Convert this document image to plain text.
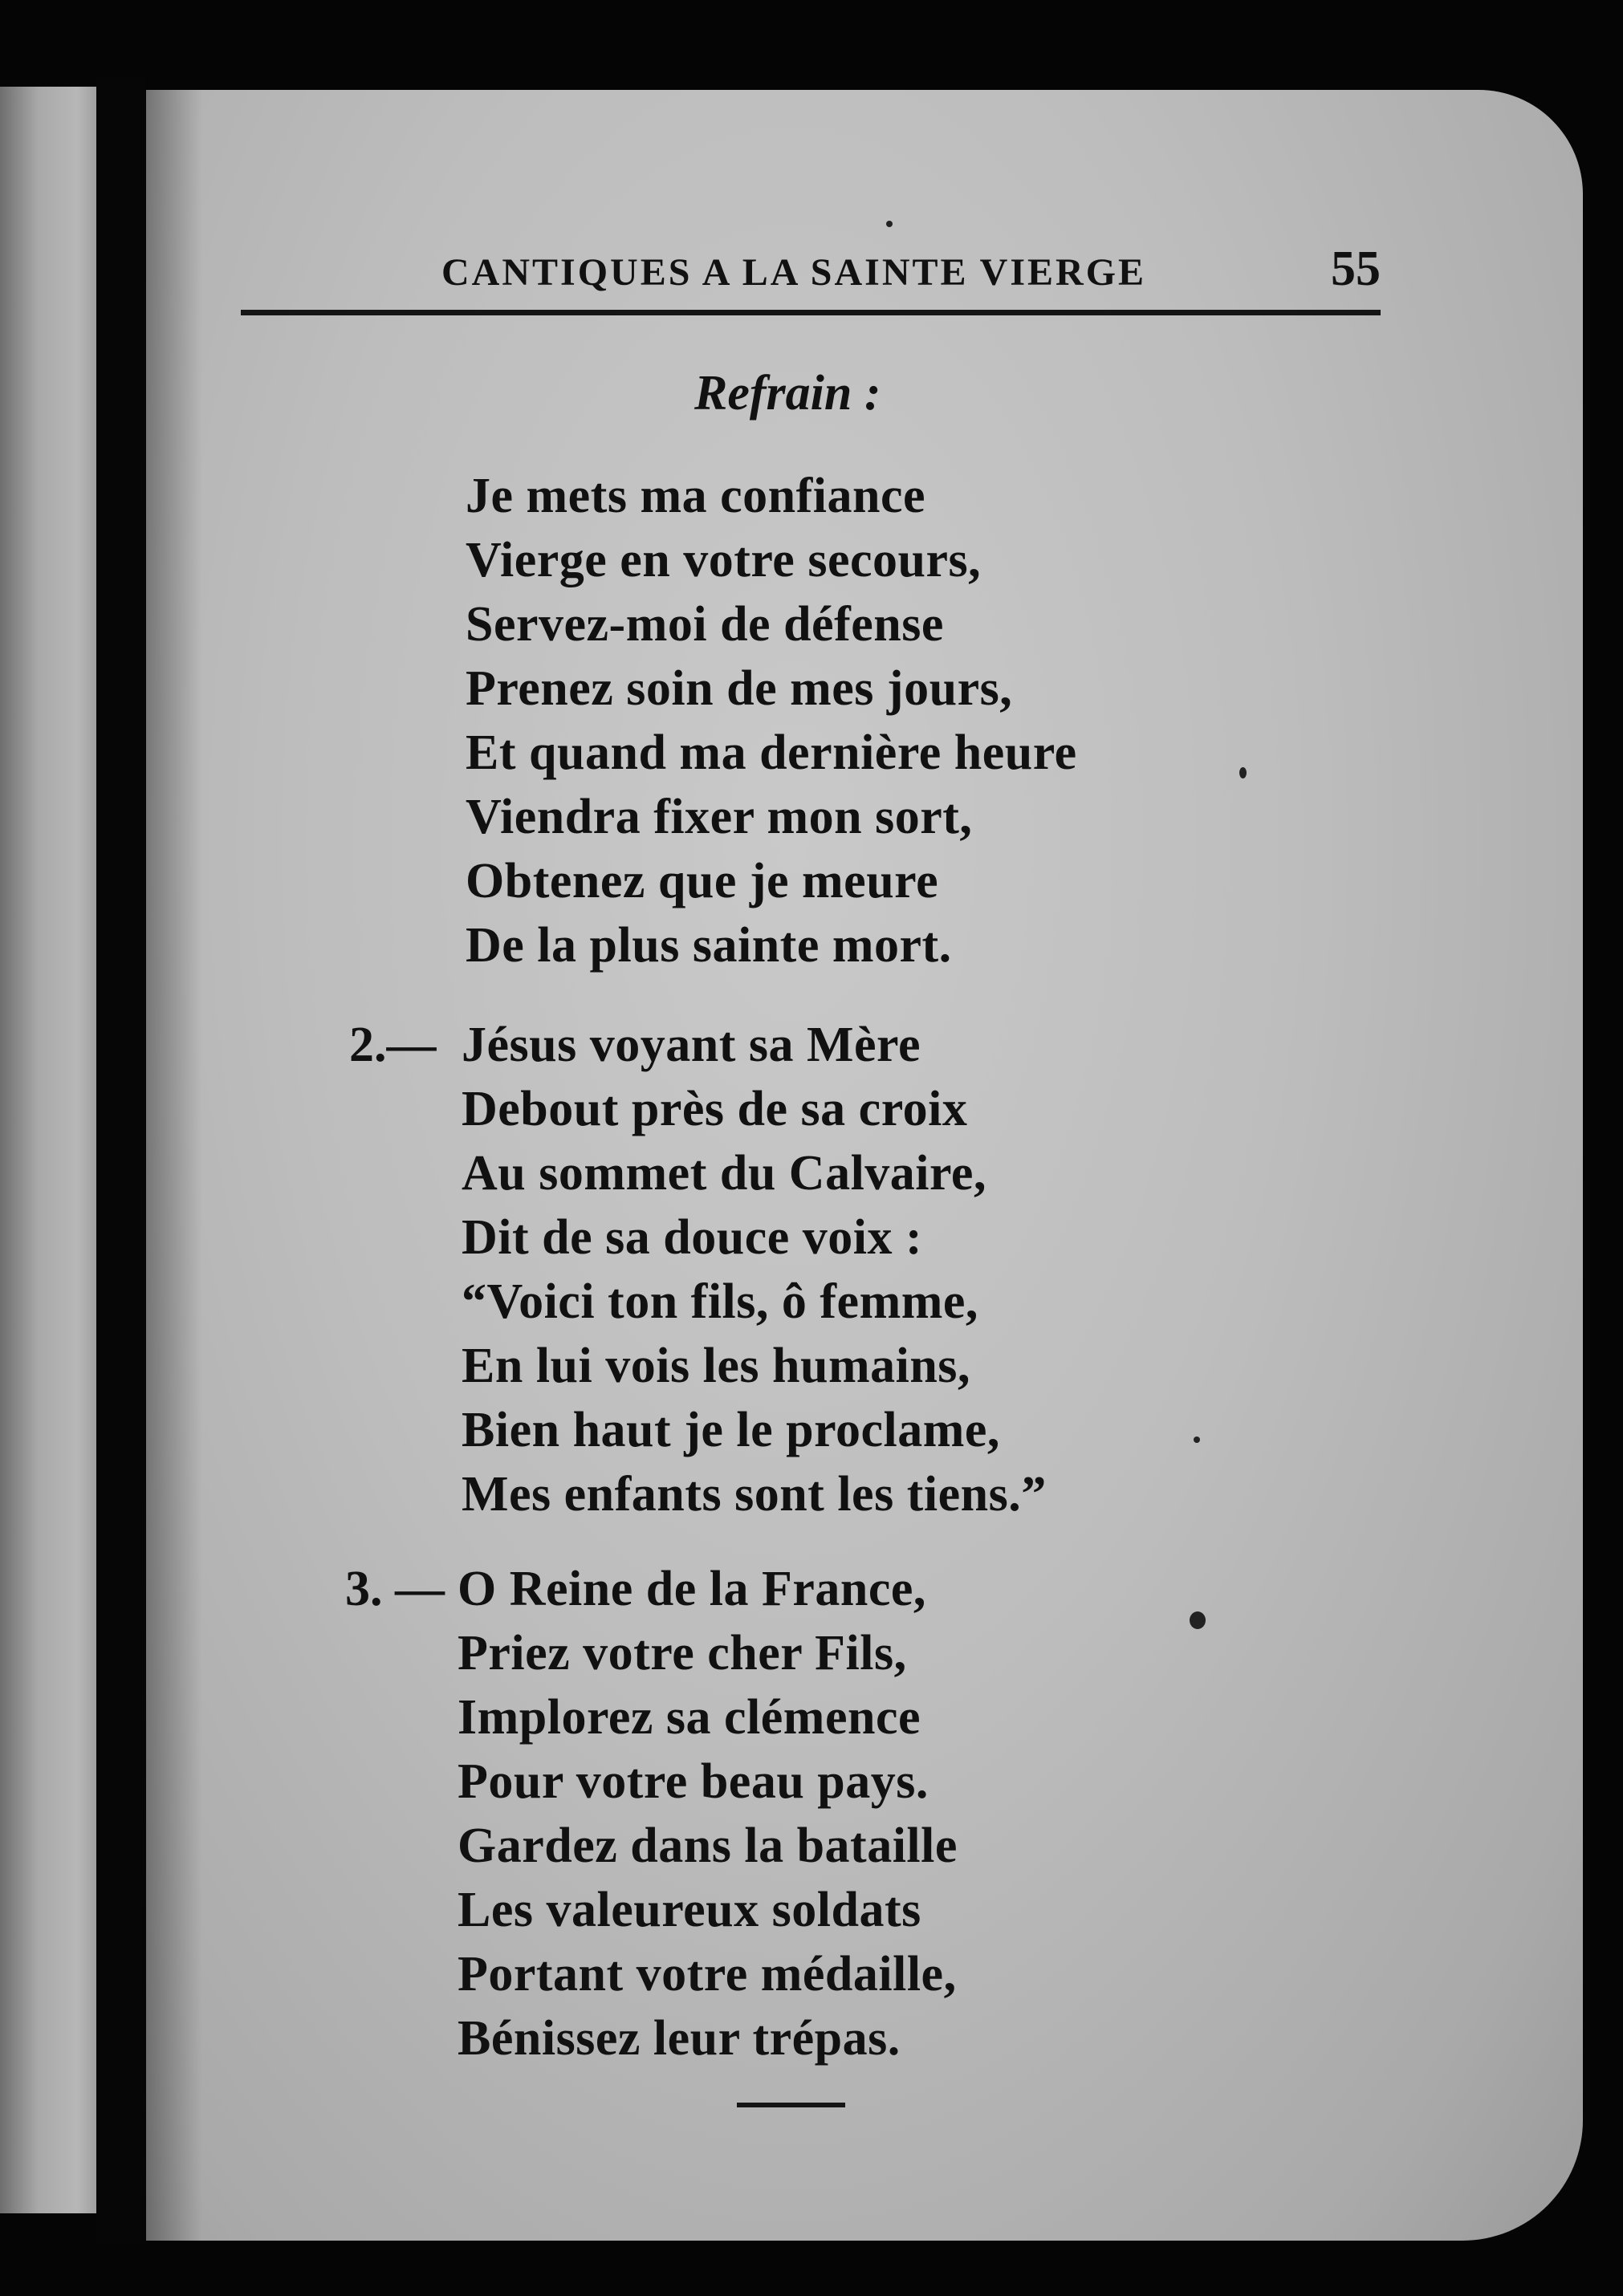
CANTIQUES A LA SAINTE VIERGE	55
Refrain :
Je mets ma confiance
Vierge en votre secours,
Servez-moi de défense
Prenez soin de mes jours,
Et quand ma dernière heure
Viendra fixer mon sort,
Obtenez que je meure
De la plus sainte mort.
2.— Jésus voyant sa Mère
Debout près de sa croix
Au sommet du Calvaire,
Dit de sa douce voix :
“Voici ton fils, ô femme,
En lui vois les humains,
Bien haut je le proclame,
Mes enfants sont les tiens.”
3. — O Reine de la France,
Priez votre cher Fils,
Implorez sa clémence
Pour votre beau pays.
Gardez dans la bataille
Les valeureux soldats
Portant votre médaille,
Bénissez leur trépas.
